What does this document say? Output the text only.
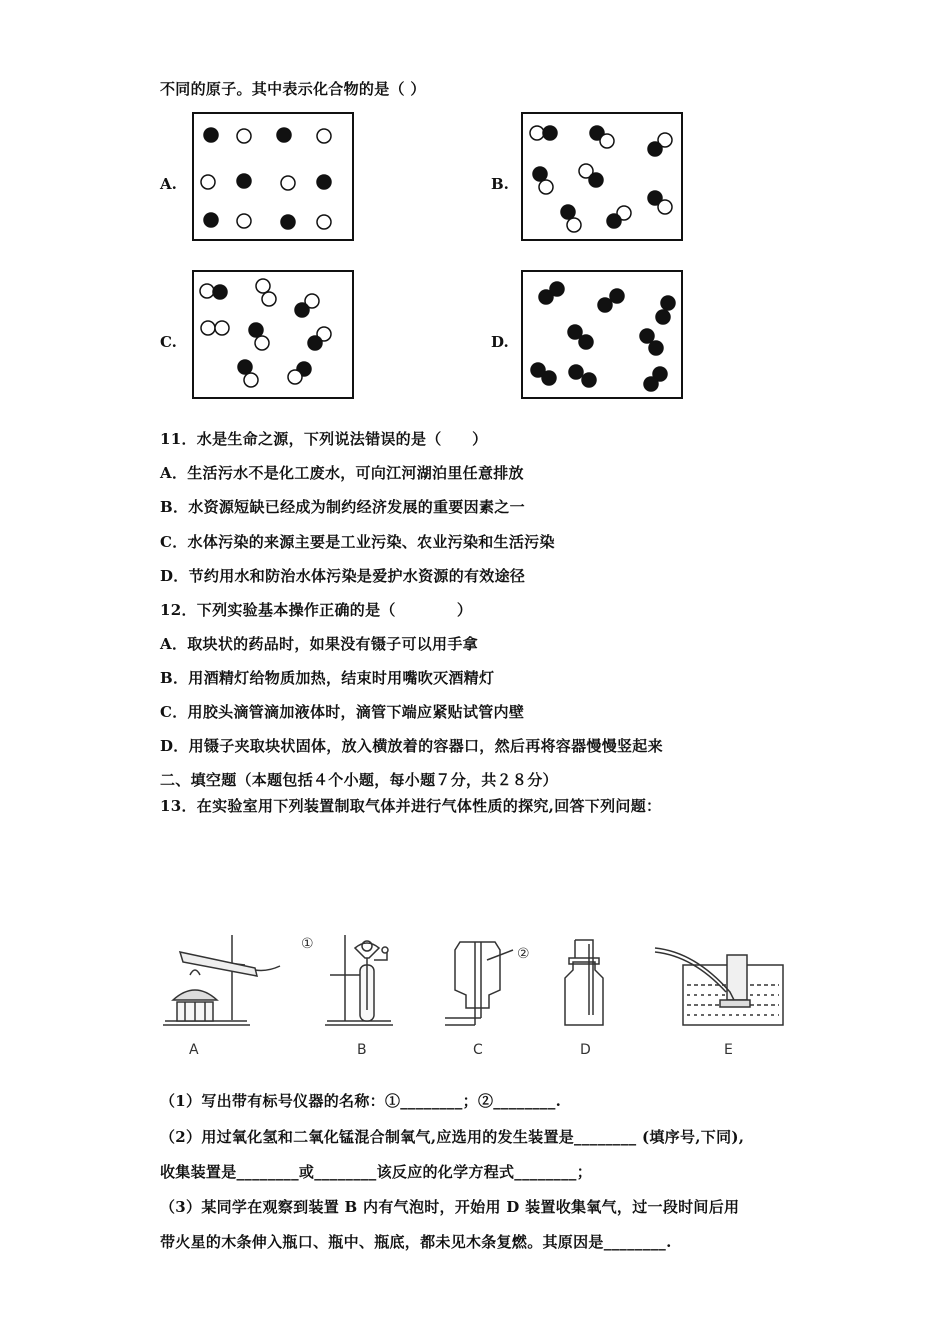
不同的原子。其中表示化合物的是（ ）
A.	B.
C.	D.
11．水是生命之源，下列说法错误的是（　　）
A．生活污水不是化工废水，可向江河湖泊里任意排放
B．水资源短缺已经成为制约经济发展的重要因素之一
C．水体污染的来源主要是工业污染、农业污染和生活污染
D．节约用水和防治水体污染是爱护水资源的有效途径
12．下列实验基本操作正确的是（　　　　）
A．取块状的药品时，如果没有镊子可以用手拿
B．用酒精灯给物质加热，结束时用嘴吹灭酒精灯
C．用胶头滴管滴加液体时，滴管下端应紧贴试管内壁
D．用镊子夹取块状固体，放入横放着的容器口，然后再将容器慢慢竖起来
二、填空题（本题包括４个小题，每小题７分，共２８分）
13．在实验室用下列装置制取气体并进行气体性质的探究,回答下列问题：
①
②
A	B	C	D	E
（1）写出带有标号仪器的名称：①________；②________.
（2）用过氧化氢和二氧化锰混合制氧气,应选用的发生装置是________ (填序号,下同),
收集装置是________或________该反应的化学方程式________；
（3）某同学在观察到装置 B 内有气泡时，开始用 D 装置收集氧气，过一段时间后用
带火星的木条伸入瓶口、瓶中、瓶底，都未见木条复燃。其原因是________.
